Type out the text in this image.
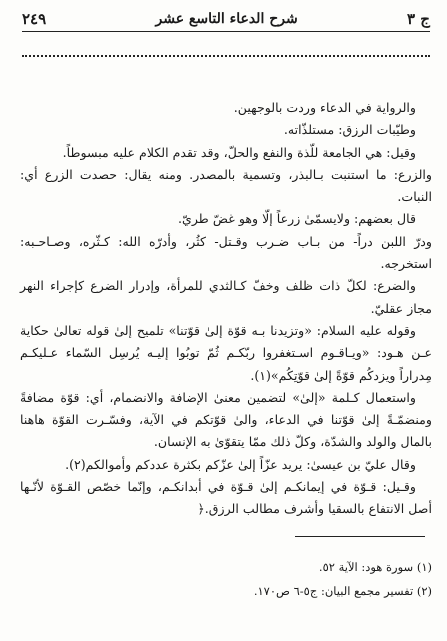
٢٤٩	شرح الدعاء التاسع عشر	ج ٣

والرواية في الدعاء وردت بالوجهين.

وطيّبات الرزق: مستلذّاته.

وقيل: هي الجامعة للّذة والنفع والحلّ، وقد تقدم الكلام عليه مبسوطاً.

والزرع: ما استنبت بـالبذر، وتسمية بالمصدر. ومنه يقال: حصدت الزرع أي: النبات.

قال بعضهم: ولايسمّىٰ زرعاً إلّا وهو غضّ طريّ.

ودرّ اللبن دراً- من بـاب ضـرب وقـتل- كثُر، وأدرّه الله: كـثّره، وصـاحـبه: استخرجه.

والضرع: لكلّ ذات ظلف وخفّ كـالثدي للمرأة، وإدرار الضرع كإجراء النهر مجاز عقليّ.

وقوله عليه السلام: «وتزيدنا بـه قوّة إلىٰ قوّتنا» تلميح إلىٰ قوله تعالىٰ حكاية عـن هـود: «ويـاقـوم اسـتغفروا ربّكـم ثُمّ توبُوا إليـه يُرسِل السّماء عـليكـم مِدراراً ويزدكُم قوّةً إلىٰ قوّتِكُم»(١).

واستعمال كـلمة «إلىٰ» لتضمين معنىٰ الإضافة والانضمام، أي: قوّة مضافةً ومنضمّـةً إلىٰ قوّتنا في الدعاء، والىٰ قوّتكم في الآية، وفسّـرت القوّة هاهنا بالمال والولد والشدّة، وكلّ ذلك ممّا يتقوّىٰ به الإنسان.

وقال عليّ بن عيسىٰ: يريد عزّاً إلىٰ عزّكم بكثرة عددكم وأموالكم(٢).

وقـيل: قـوّة في إيمانكـم إلىٰ قـوّة في أبدانكـم، وإنّما خصّص القـوّة لأنّـها أصل الانتفاع بالسقيا وأشرف مطالب الرزق.﴿

(١) سورة هود: الآية ٥٢.

(٢) تفسير مجمع البيان: ج٥-٦ ص١٧٠.
